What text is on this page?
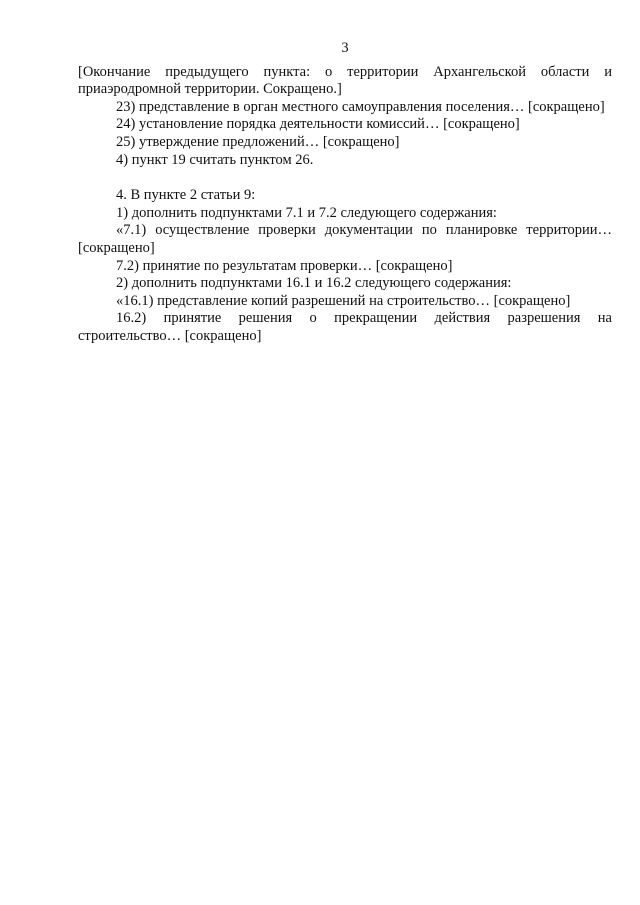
3

[Окончание предыдущего пункта: о территории Архангельской области и приаэродромной территории. Сокращено.]

23) представление в орган местного самоуправления поселения… [сокращено]

24) установление порядка деятельности комиссий… [сокращено]

25) утверждение предложений… [сокращено]

4) пункт 19 считать пунктом 26.

4. В пункте 2 статьи 9:

1) дополнить подпунктами 7.1 и 7.2 следующего содержания:

«7.1) осуществление проверки документации по планировке территории… [сокращено]

7.2) принятие по результатам проверки… [сокращено]

2) дополнить подпунктами 16.1 и 16.2 следующего содержания:

«16.1) представление копий разрешений на строительство… [сокращено]

16.2) принятие решения о прекращении действия разрешения на строительство… [сокращено]
